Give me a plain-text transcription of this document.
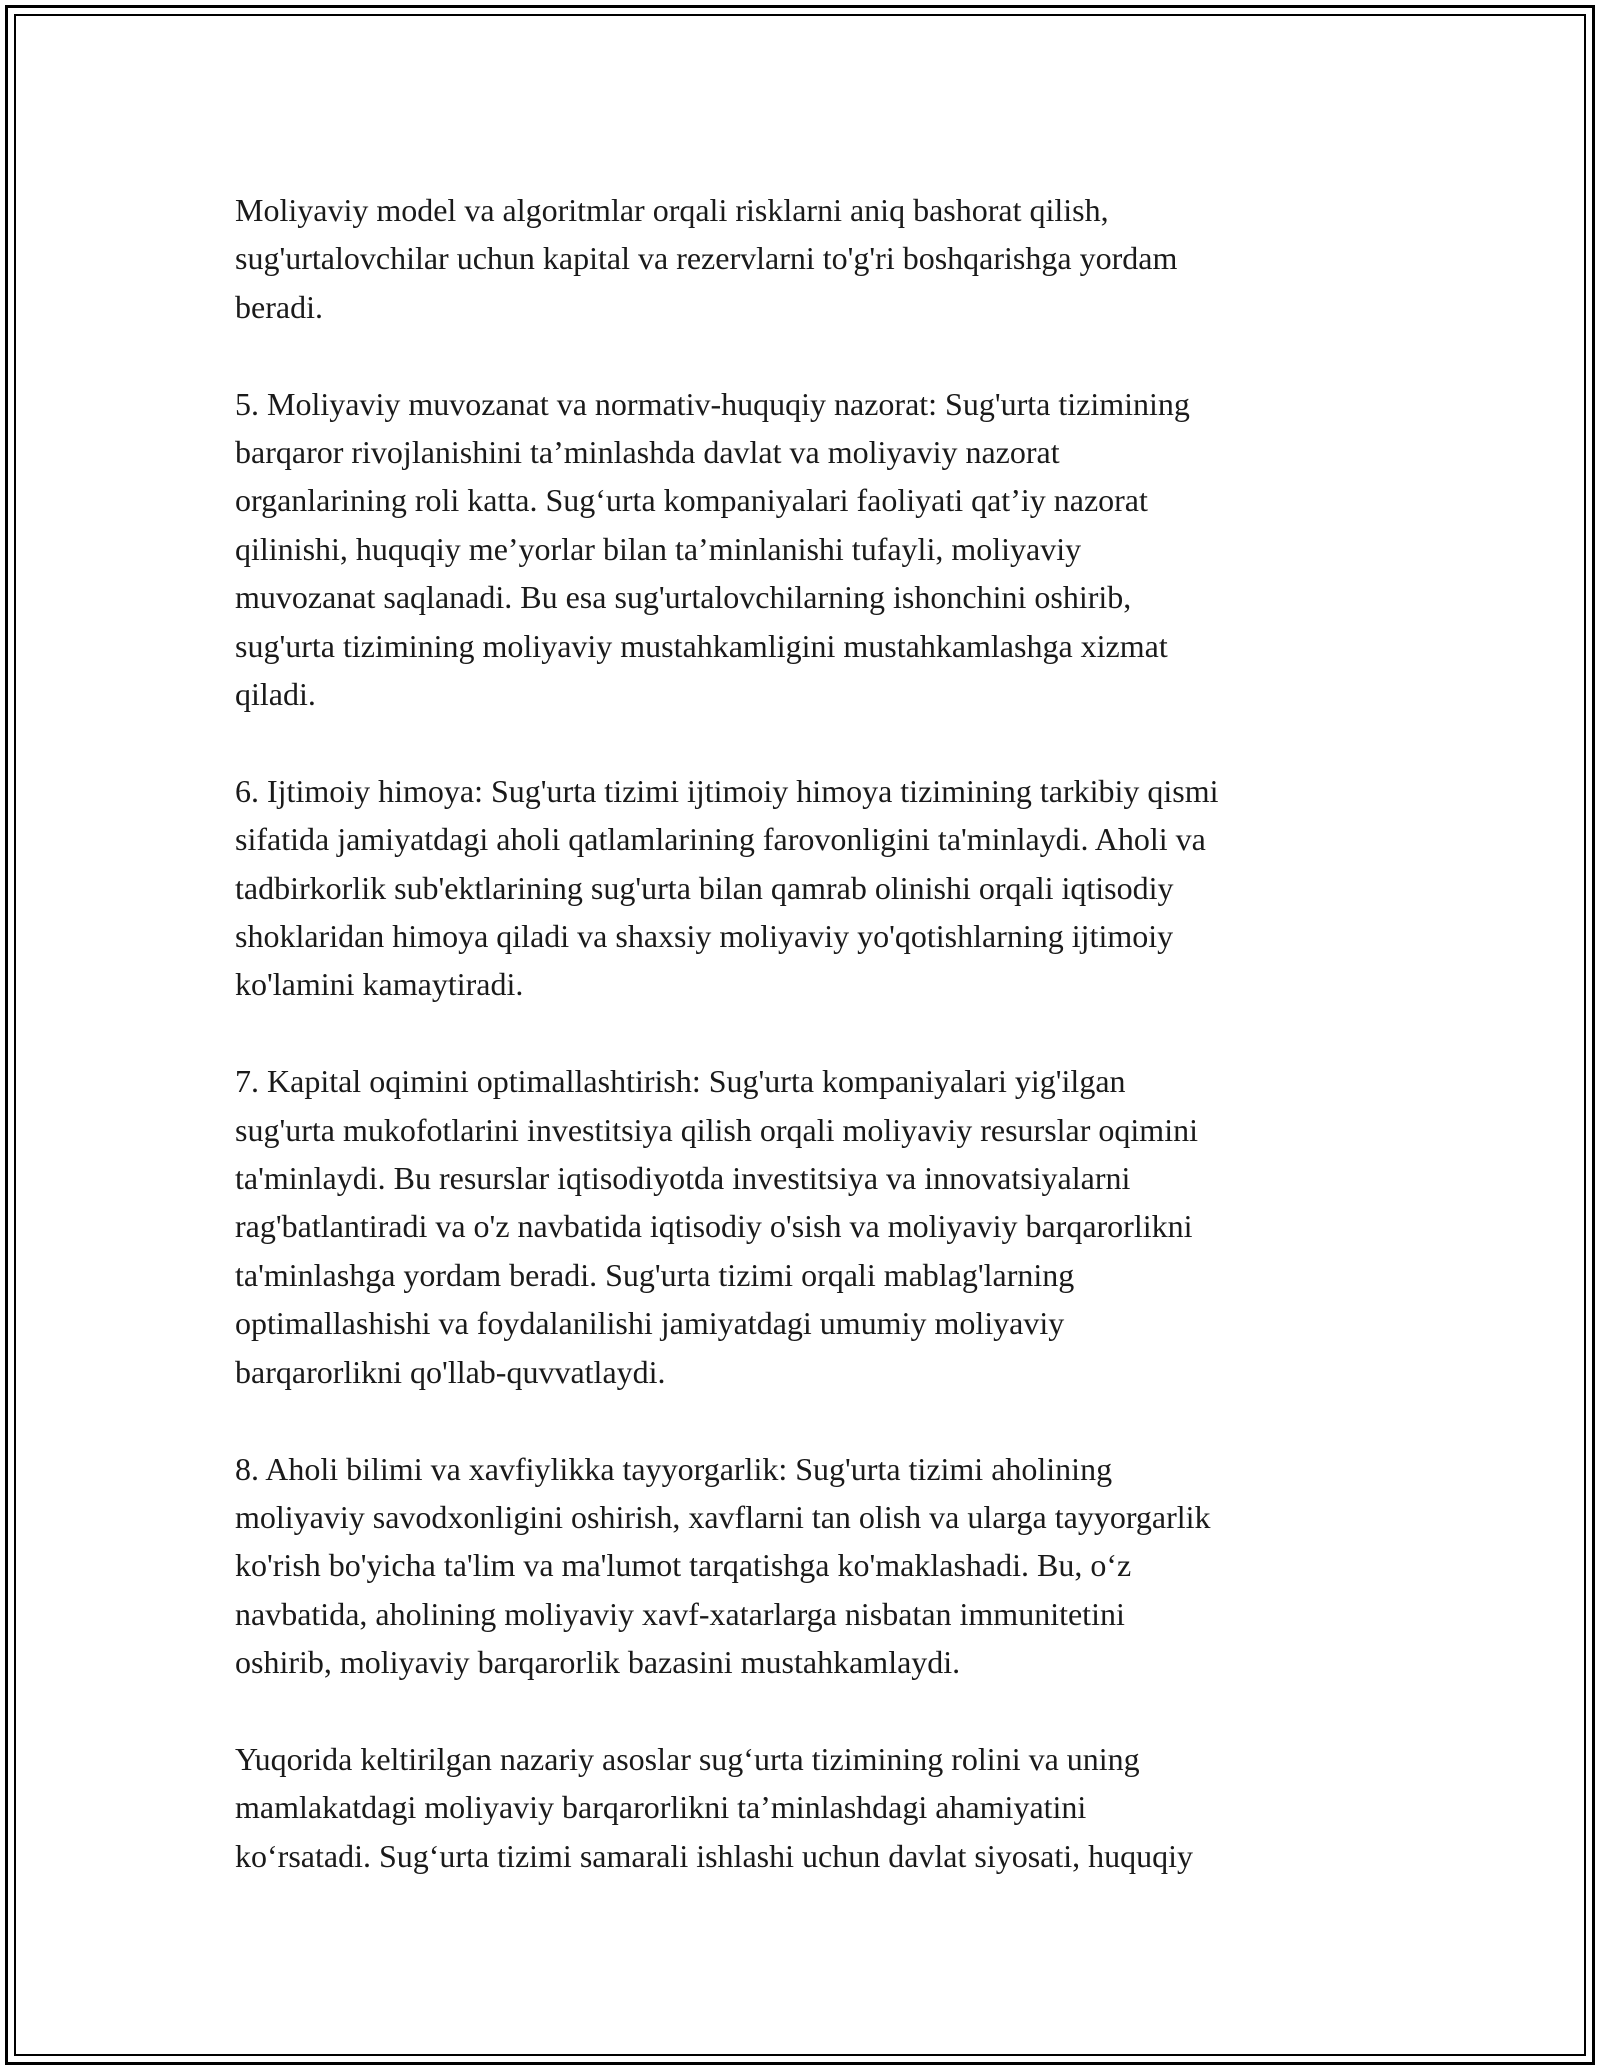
Moliyaviy model va algoritmlar orqali risklarni aniq bashorat qilish,
sug'urtalovchilar uchun kapital va rezervlarni to'g'ri boshqarishga yordam
beradi.

5. Moliyaviy muvozanat va normativ-huquqiy nazorat: Sug'urta tizimining
barqaror rivojlanishini ta’minlashda davlat va moliyaviy nazorat
organlarining roli katta. Sug‘urta kompaniyalari faoliyati qat’iy nazorat
qilinishi, huquqiy me’yorlar bilan ta’minlanishi tufayli, moliyaviy
muvozanat saqlanadi. Bu esa sug'urtalovchilarning ishonchini oshirib,
sug'urta tizimining moliyaviy mustahkamligini mustahkamlashga xizmat
qiladi.

6. Ijtimoiy himoya: Sug'urta tizimi ijtimoiy himoya tizimining tarkibiy qismi
sifatida jamiyatdagi aholi qatlamlarining farovonligini ta'minlaydi. Aholi va
tadbirkorlik sub'ektlarining sug'urta bilan qamrab olinishi orqali iqtisodiy
shoklaridan himoya qiladi va shaxsiy moliyaviy yo'qotishlarning ijtimoiy
ko'lamini kamaytiradi.

7. Kapital oqimini optimallashtirish: Sug'urta kompaniyalari yig'ilgan
sug'urta mukofotlarini investitsiya qilish orqali moliyaviy resurslar oqimini
ta'minlaydi. Bu resurslar iqtisodiyotda investitsiya va innovatsiyalarni
rag'batlantiradi va o'z navbatida iqtisodiy o'sish va moliyaviy barqarorlikni
ta'minlashga yordam beradi. Sug'urta tizimi orqali mablag'larning
optimallashishi va foydalanilishi jamiyatdagi umumiy moliyaviy
barqarorlikni qo'llab-quvvatlaydi.

8. Aholi bilimi va xavfiylikka tayyorgarlik: Sug'urta tizimi aholining
moliyaviy savodxonligini oshirish, xavflarni tan olish va ularga tayyorgarlik
ko'rish bo'yicha ta'lim va ma'lumot tarqatishga ko'maklashadi. Bu, o‘z
navbatida, aholining moliyaviy xavf-xatarlarga nisbatan immunitetini
oshirib, moliyaviy barqarorlik bazasini mustahkamlaydi.

Yuqorida keltirilgan nazariy asoslar sug‘urta tizimining rolini va uning
mamlakatdagi moliyaviy barqarorlikni ta’minlashdagi ahamiyatini
ko‘rsatadi. Sug‘urta tizimi samarali ishlashi uchun davlat siyosati, huquqiy
